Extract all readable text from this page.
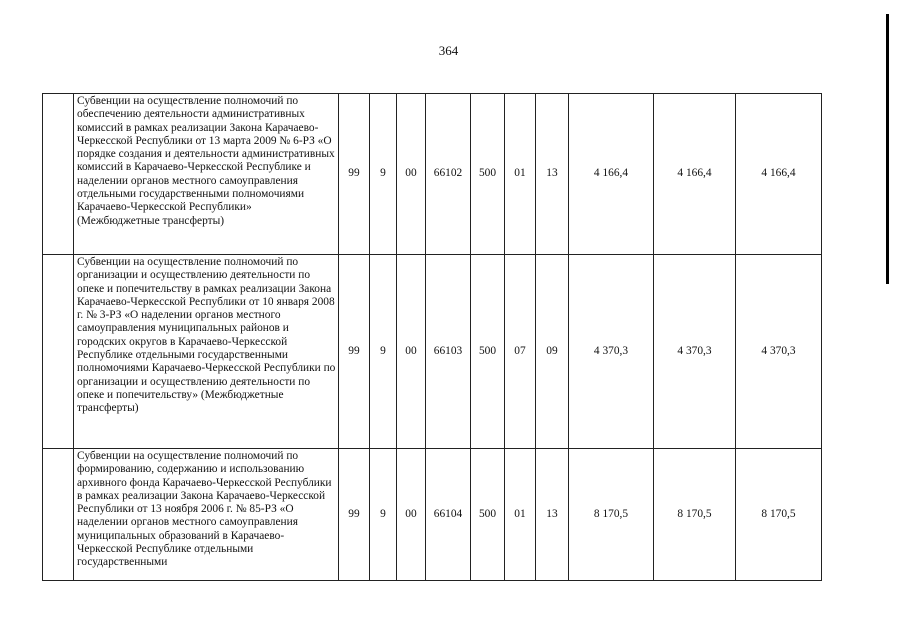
364
	Субвенции на осуществление полномочий по обеспечению деятельности административных комиссий в рамках реализации Закона Карачаево-Черкесской Республики от 13 марта 2009 № 6-РЗ «О порядке создания и деятельности административных комиссий в Карачаево-Черкесской Республике и наделении органов местного самоуправления отдельными государственными полномочиями Карачаево-Черкесской Республики» (Межбюджетные трансферты)	99	9	00	66102	500	01	13	4 166,4	4 166,4	4 166,4
	Субвенции на осуществление полномочий по организации и осуществлению деятельности по опеке и попечительству в рамках реализации Закона Карачаево-Черкесской Республики от 10 января 2008 г. № 3-РЗ «О наделении органов местного самоуправления муниципальных районов и городских округов в Карачаево-Черкесской Республике отдельными государственными полномочиями Карачаево-Черкесской Республики по организации и осуществлению деятельности по опеке и попечительству» (Межбюджетные трансферты)	99	9	00	66103	500	07	09	4 370,3	4 370,3	4 370,3

	Субвенции на осуществление полномочий по формированию, содержанию и использованию архивного фонда Карачаево-Черкесской Республики в рамках реализации Закона Карачаево-Черкесской Республики от 13 ноября 2006 г. № 85-РЗ «О наделении органов местного самоуправления муниципальных образований в Карачаево-Черкесской Республике отдельными государственными	99	9	00	66104	500	01	13	8 170,5	8 170,5	8 170,5
